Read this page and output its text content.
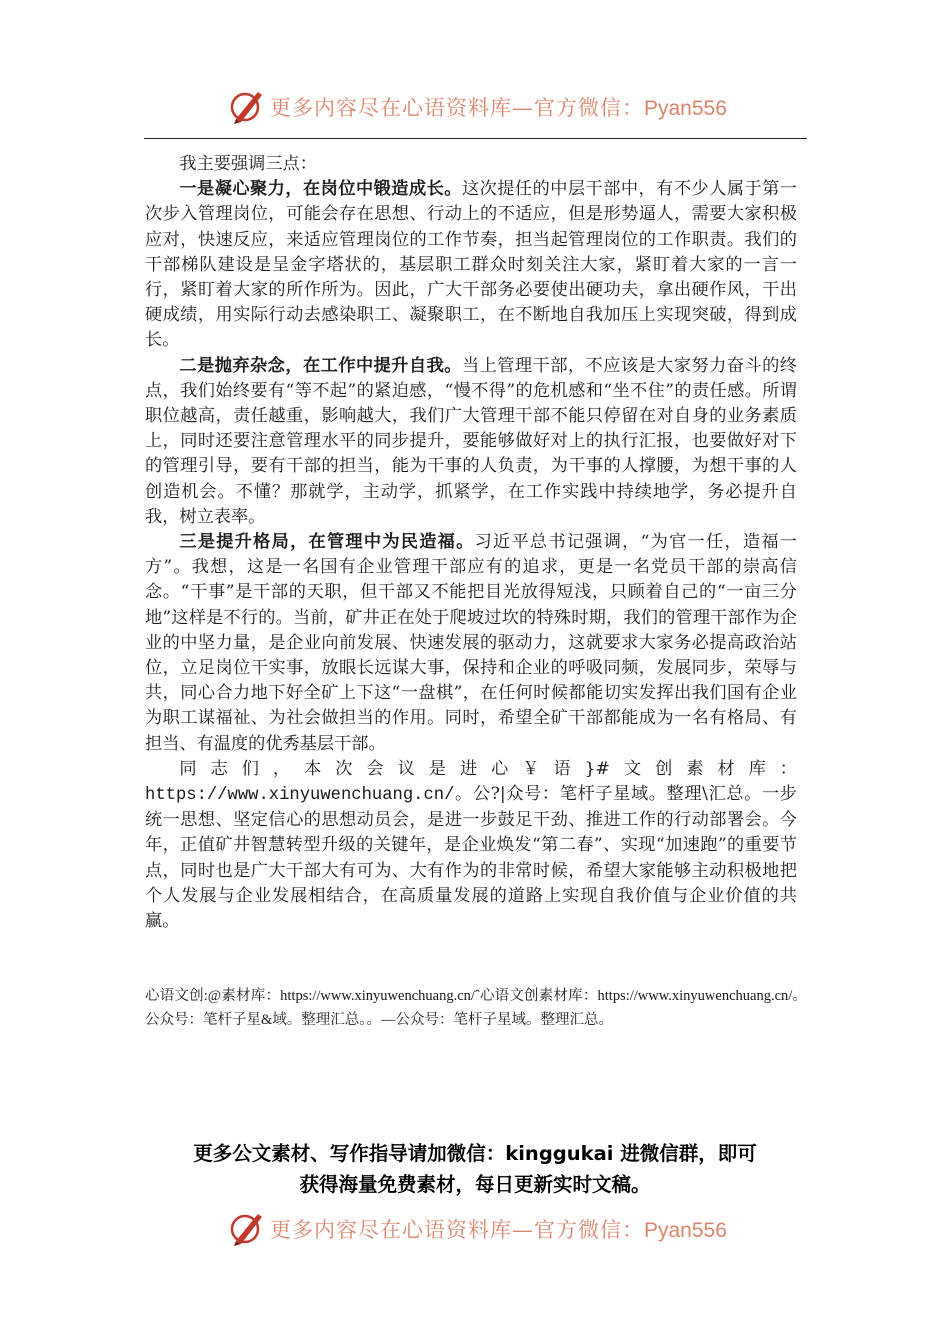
更多内容尽在心语资料库—官方微信：Pyan556

我主要强调三点：

一是凝心聚力，在岗位中锻造成长。这次提任的中层干部中，有不少人属于第一次步入管理岗位，可能会存在思想、行动上的不适应，但是形势逼人，需要大家积极应对，快速反应，来适应管理岗位的工作节奏，担当起管理岗位的工作职责。我们的干部梯队建设是呈金字塔状的，基层职工群众时刻关注大家，紧盯着大家的一言一行，紧盯着大家的所作所为。因此，广大干部务必要使出硬功夫，拿出硬作风，干出硬成绩，用实际行动去感染职工、凝聚职工，在不断地自我加压上实现突破，得到成长。

二是抛弃杂念，在工作中提升自我。当上管理干部，不应该是大家努力奋斗的终点，我们始终要有“等不起”的紧迫感，“慢不得”的危机感和“坐不住”的责任感。所谓职位越高，责任越重，影响越大，我们广大管理干部不能只停留在对自身的业务素质上，同时还要注意管理水平的同步提升，要能够做好对上的执行汇报，也要做好对下的管理引导，要有干部的担当，能为干事的人负责，为干事的人撑腰，为想干事的人创造机会。不懂？那就学，主动学，抓紧学，在工作实践中持续地学，务必提升自我，树立表率。

三是提升格局，在管理中为民造福。习近平总书记强调，“为官一任，造福一方”。我想，这是一名国有企业管理干部应有的追求，更是一名党员干部的崇高信念。“干事”是干部的天职，但干部又不能把目光放得短浅，只顾着自己的“一亩三分地”这样是不行的。当前，矿井正在处于爬坡过坎的特殊时期，我们的管理干部作为企业的中坚力量，是企业向前发展、快速发展的驱动力，这就要求大家务必提高政治站位，立足岗位干实事，放眼长远谋大事，保持和企业的呼吸同频，发展同步，荣辱与共，同心合力地下好全矿上下这“一盘棋”，在任何时候都能切实发挥出我们国有企业为职工谋福祉、为社会做担当的作用。同时，希望全矿干部都能成为一名有格局、有担当、有温度的优秀基层干部。

同志们，本次会议是进心￥语}#文创素材库：https://www.xinyuwenchuang.cn/。公?|众号：笔杆子星域。整理\汇总。一步统一思想、坚定信心的思想动员会，是进一步鼓足干劲、推进工作的行动部署会。今年，正值矿井智慧转型升级的关键年，是企业焕发“第二春”、实现“加速跑”的重要节点，同时也是广大干部大有可为、大有作为的非常时候，希望大家能够主动积极地把个人发展与企业发展相结合，在高质量发展的道路上实现自我价值与企业价值的共赢。

心语文创:@素材库：https://www.xinyuwenchuang.cn/ˆ心语文创素材库：https://www.xinyuwenchuang.cn/。公众号：笔杆子星&域。整理汇总。。—公众号：笔杆子星域。整理汇总。
更多公文素材、写作指导请加微信：kinggukai 进微信群，即可
获得海量免费素材，每日更新实时文稿。
更多内容尽在心语资料库—官方微信：Pyan556
